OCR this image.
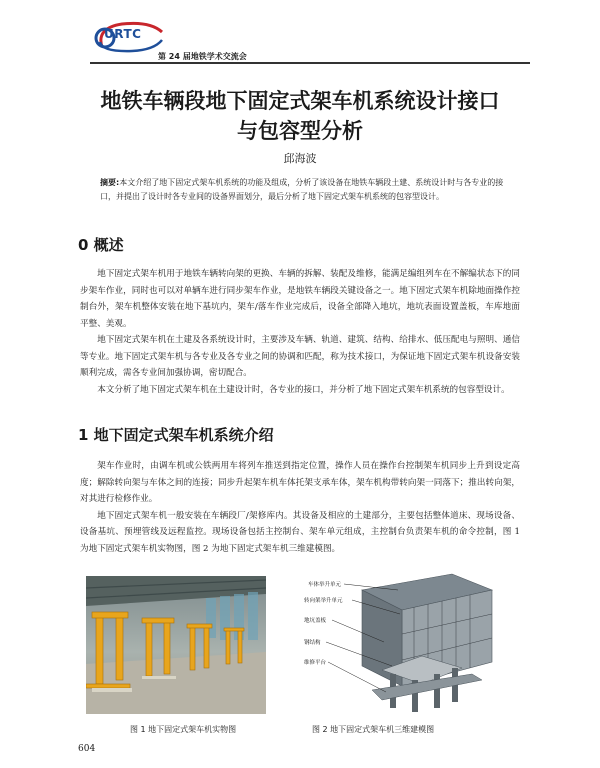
URTC
第 24 届地铁学术交流会
地铁车辆段地下固定式架车机系统设计接口
与包容型分析
邱海波
摘要:本文介绍了地下固定式架车机系统的功能及组成，分析了该设备在地铁车辆段土建、系统设计时与各专业的接口，并提出了设计时各专业间的设备界面划分，最后分析了地下固定式架车机系统的包容型设计。
0 概述

地下固定式架车机用于地铁车辆转向架的更换、车辆的拆解、装配及维修，能满足编组列车在不解编状态下的同步架车作业，同时也可以对单辆车进行同步架车作业，是地铁车辆段关键设备之一。地下固定式架车机除地面操作控制台外，架车机整体安装在地下基坑内，架车/落车作业完成后，设备全部降入地坑，地坑表面设置盖板，车库地面平整、美观。

地下固定式架车机在土建及各系统设计时，主要涉及车辆、轨道、建筑、结构、给排水、低压配电与照明、通信等专业。地下固定式架车机与各专业及各专业之间的协调和匹配，称为技术接口，为保证地下固定式架车机设备安装顺利完成，需各专业间加强协调，密切配合。

本文分析了地下固定式架车机在土建设计时，各专业的接口，并分析了地下固定式架车机系统的包容型设计。

1 地下固定式架车机系统介绍

架车作业时，由调车机或公铁两用车将列车推送到指定位置，操作人员在操作台控制架车机同步上升到设定高度；解除转向架与车体之间的连接；同步升起架车机车体托架支承车体，架车机构带转向架一同落下；推出转向架，对其进行检修作业。

地下固定式架车机一般安装在车辆段厂/架修库内。其设备及相应的土建部分，主要包括整体道床、现场设备、设备基坑、预埋管线及远程监控。现场设备包括主控制台、架车单元组成，主控制台负责架车机的命令控制，图 1 为地下固定式架车机实物图，图 2 为地下固定式架车机三维建模图。

车体举升单元
转向架举升单元
地坑盖板
钢结构
维修平台
图 1 地下固定式架车机实物图	图 2 地下固定式架车机三维建模图
604
